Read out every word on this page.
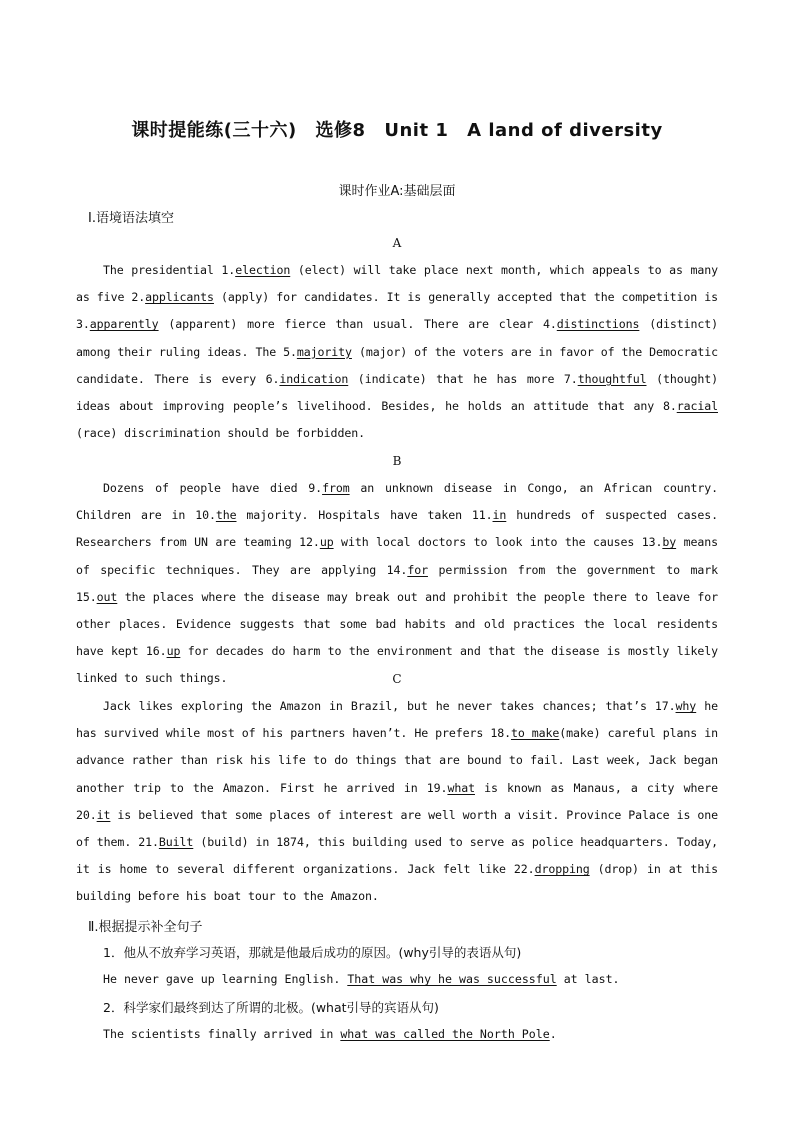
课时提能练(三十六) 选修8 Unit 1 A land of diversity
课时作业A:基础层面
Ⅰ.语境语法填空
A
The presidential 1.election (elect) will take place next month, which appeals to as many as five 2.applicants (apply) for candidates. It is generally accepted that the competition is 3.apparently (apparent) more fierce than usual. There are clear 4.distinctions (distinct) among their ruling ideas. The 5.majority (major) of the voters are in favor of the Democratic candidate. There is every 6.indication (indicate) that he has more 7.thoughtful (thought) ideas about improving people’s livelihood. Besides, he holds an attitude that any 8.racial (race) discrimination should be forbidden.
B
Dozens of people have died 9.from an unknown disease in Congo, an African country. Children are in 10.the majority. Hospitals have taken 11.in hundreds of suspected cases. Researchers from UN are teaming 12.up with local doctors to look into the causes 13.by means of specific techniques. They are applying 14.for permission from the government to mark 15.out the places where the disease may break out and prohibit the people there to leave for other places. Evidence suggests that some bad habits and old practices the local residents have kept 16.up for decades do harm to the environment and that the disease is mostly likely linked to such things.	C
Jack likes exploring the Amazon in Brazil, but he never takes chances; that’s 17.why he has survived while most of his partners haven’t. He prefers 18.to make(make) careful plans in advance rather than risk his life to do things that are bound to fail. Last week, Jack began another trip to the Amazon. First he arrived in 19.what is known as Manaus, a city where 20.it is believed that some places of interest are well worth a visit. Province Palace is one of them. 21.Built (build) in 1874, this building used to serve as police headquarters. Today, it is home to several different organizations. Jack felt like 22.dropping (drop) in at this building before his boat tour to the Amazon.
Ⅱ.根据提示补全句子
1．他从不放弃学习英语，那就是他最后成功的原因。(why引导的表语从句)
He never gave up learning English. That was why he was successful at last.
2．科学家们最终到达了所谓的北极。(what引导的宾语从句)
The scientists finally arrived in what was called the North Pole.
